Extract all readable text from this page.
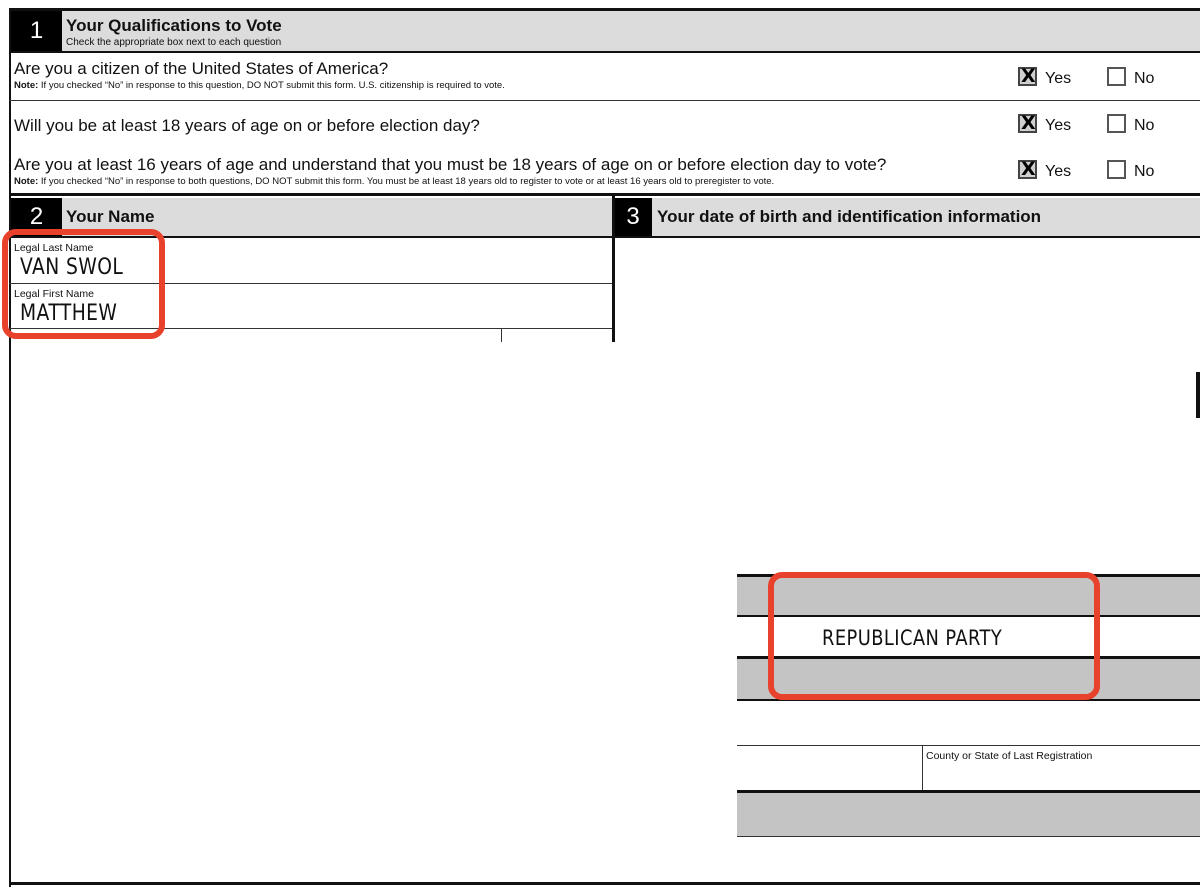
1	Your Qualifications to Vote
Check the appropriate box next to each question
Are you a citizen of the United States of America?
Note: If you checked “No” in response to this question, DO NOT submit this form. U.S. citizenship is required to vote.	X Yes	No
Will you be at least 18 years of age on or before election day?	X Yes	No
Are you at least 16 years of age and understand that you must be 18 years of age on or before election day to vote?
Note: If you checked “No” in response to both questions, DO NOT submit this form. You must be at least 18 years old to register to vote or at least 16 years old to preregister to vote.
X Yes	No
2	Your Name	3	Your date of birth and identification information
Legal Last Name
VAN SWOL
Legal First Name
MATTHEW
REPUBLICAN PARTY
County or State of Last Registration
